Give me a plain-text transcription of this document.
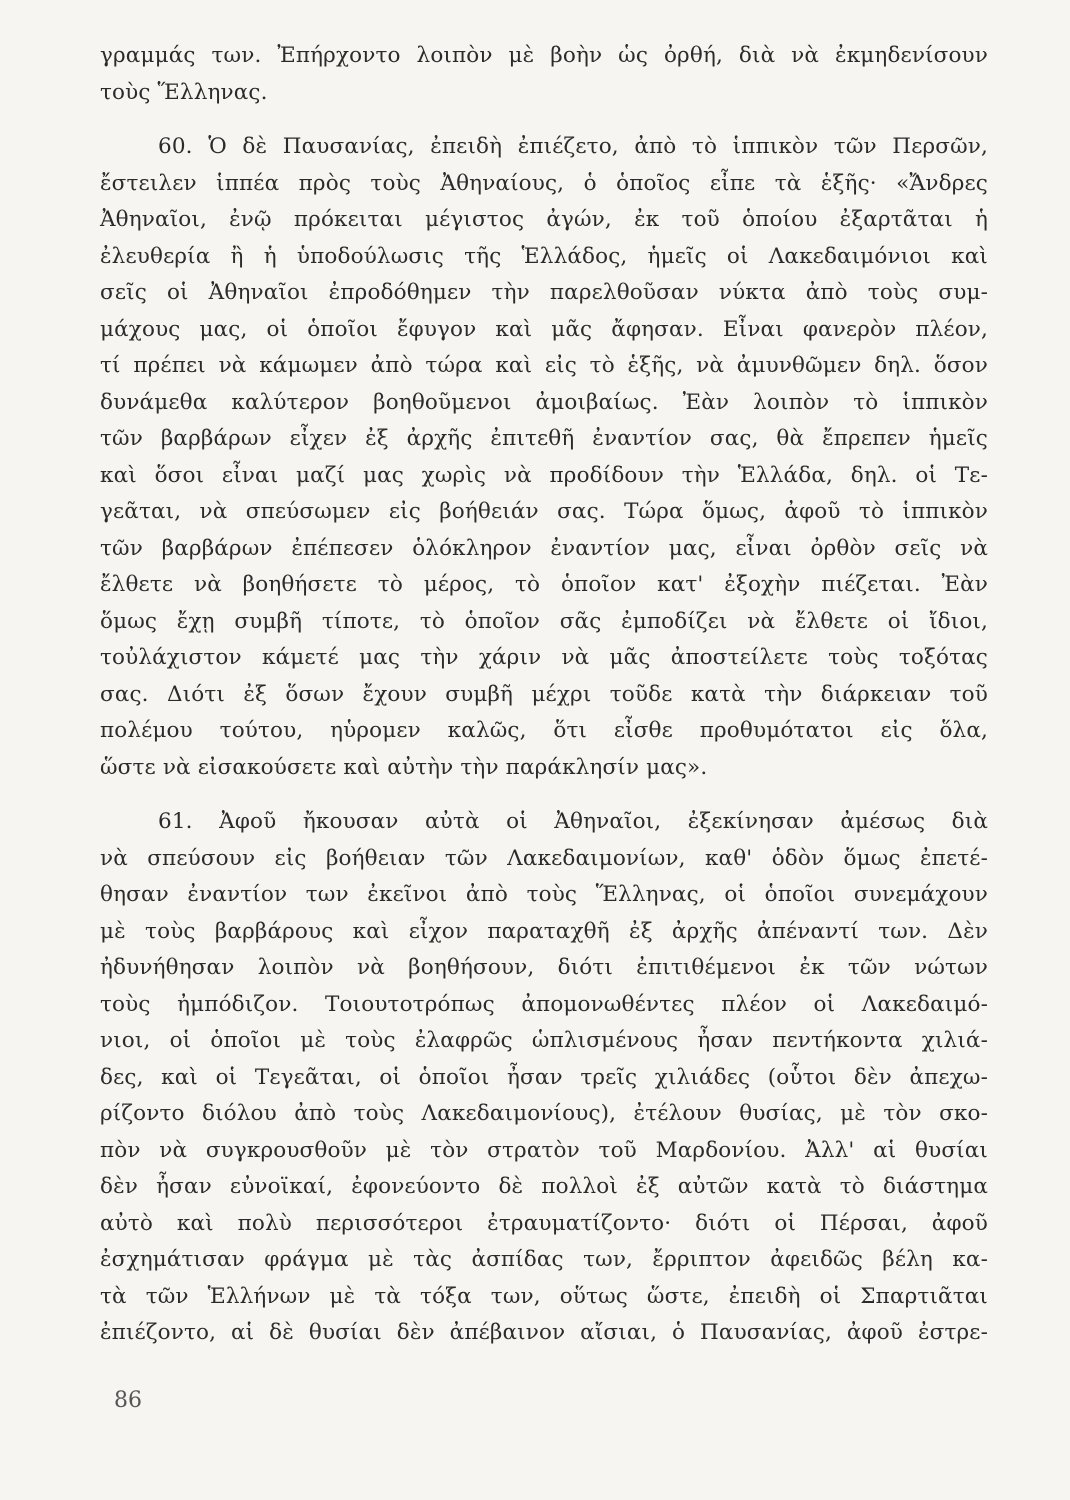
γραμμάς των. Ἐπήρχοντο λοιπὸν μὲ βοὴν ὡς ὀρθή, διὰ νὰ ἐκμηδενίσουν
τοὺς Ἕλληνας.
60. Ὁ δὲ Παυσανίας, ἐπειδὴ ἐπιέζετο, ἀπὸ τὸ ἱππικὸν τῶν Περσῶν,
ἔστειλεν ἱππέα πρὸς τοὺς Ἀθηναίους, ὁ ὁποῖος εἶπε τὰ ἑξῆς· «Ἄνδρες
Ἀθηναῖοι, ἐνῷ πρόκειται μέγιστος ἀγών, ἐκ τοῦ ὁποίου ἐξαρτᾶται ἡ
ἐλευθερία ἢ ἡ ὑποδούλωσις τῆς Ἑλλάδος, ἡμεῖς οἱ Λακεδαιμόνιοι καὶ
σεῖς οἱ Ἀθηναῖοι ἐπροδόθημεν τὴν παρελθοῦσαν νύκτα ἀπὸ τοὺς συμ-
μάχους μας, οἱ ὁποῖοι ἔφυγον καὶ μᾶς ἄφησαν. Εἶναι φανερὸν πλέον,
τί πρέπει νὰ κάμωμεν ἀπὸ τώρα καὶ εἰς τὸ ἑξῆς, νὰ ἀμυνθῶμεν δηλ. ὅσον
δυνάμεθα καλύτερον βοηθοῦμενοι ἀμοιβαίως. Ἐὰν λοιπὸν τὸ ἱππικὸν
τῶν βαρβάρων εἶχεν ἐξ ἀρχῆς ἐπιτεθῆ ἐναντίον σας, θὰ ἔπρεπεν ἡμεῖς
καὶ ὅσοι εἶναι μαζί μας χωρὶς νὰ προδίδουν τὴν Ἑλλάδα, δηλ. οἱ Τε-
γεᾶται, νὰ σπεύσωμεν εἰς βοήθειάν σας. Τώρα ὅμως, ἀφοῦ τὸ ἱππικὸν
τῶν βαρβάρων ἐπέπεσεν ὁλόκληρον ἐναντίον μας, εἶναι ὀρθὸν σεῖς νὰ
ἔλθετε νὰ βοηθήσετε τὸ μέρος, τὸ ὁποῖον κατ' ἐξοχὴν πιέζεται. Ἐὰν
ὅμως ἔχῃ συμβῆ τίποτε, τὸ ὁποῖον σᾶς ἐμποδίζει νὰ ἔλθετε οἱ ἴδιοι,
τοὐλάχιστον κάμετέ μας τὴν χάριν νὰ μᾶς ἀποστείλετε τοὺς τοξότας
σας. Διότι ἐξ ὅσων ἔχουν συμβῆ μέχρι τοῦδε κατὰ τὴν διάρκειαν τοῦ
πολέμου τούτου, ηὑρομεν καλῶς, ὅτι εἶσθε προθυμότατοι εἰς ὅλα,
ὥστε νὰ εἰσακούσετε καὶ αὐτὴν τὴν παράκλησίν μας».
61. Ἀφοῦ ἤκουσαν αὐτὰ οἱ Ἀθηναῖοι, ἐξεκίνησαν ἀμέσως διὰ
νὰ σπεύσουν εἰς βοήθειαν τῶν Λακεδαιμονίων, καθ' ὁδὸν ὅμως ἐπετέ-
θησαν ἐναντίον των ἐκεῖνοι ἀπὸ τοὺς Ἕλληνας, οἱ ὁποῖοι συνεμάχουν
μὲ τοὺς βαρβάρους καὶ εἶχον παραταχθῆ ἐξ ἀρχῆς ἀπέναντί των. Δὲν
ἠδυνήθησαν λοιπὸν νὰ βοηθήσουν, διότι ἐπιτιθέμενοι ἐκ τῶν νώτων
τοὺς ἠμπόδιζον. Τοιουτοτρόπως ἀπομονωθέντες πλέον οἱ Λακεδαιμό-
νιοι, οἱ ὁποῖοι μὲ τοὺς ἐλαφρῶς ὡπλισμένους ἦσαν πεντήκοντα χιλιά-
δες, καὶ οἱ Τεγεᾶται, οἱ ὁποῖοι ἦσαν τρεῖς χιλιάδες (οὗτοι δὲν ἀπεχω-
ρίζοντο διόλου ἀπὸ τοὺς Λακεδαιμονίους), ἐτέλουν θυσίας, μὲ τὸν σκο-
πὸν νὰ συγκρουσθοῦν μὲ τὸν στρατὸν τοῦ Μαρδονίου. Ἀλλ' αἱ θυσίαι
δὲν ἦσαν εὐνοϊκαί, ἐφονεύοντο δὲ πολλοὶ ἐξ αὐτῶν κατὰ τὸ διάστημα
αὐτὸ καὶ πολὺ περισσότεροι ἐτραυματίζοντο· διότι οἱ Πέρσαι, ἀφοῦ
ἐσχημάτισαν φράγμα μὲ τὰς ἀσπίδας των, ἔρριπτον ἀφειδῶς βέλη κα-
τὰ τῶν Ἑλλήνων μὲ τὰ τόξα των, οὕτως ὥστε, ἐπειδὴ οἱ Σπαρτιᾶται
ἐπιέζοντο, αἱ δὲ θυσίαι δὲν ἀπέβαινον αἴσιαι, ὁ Παυσανίας, ἀφοῦ ἐστρε-
86
